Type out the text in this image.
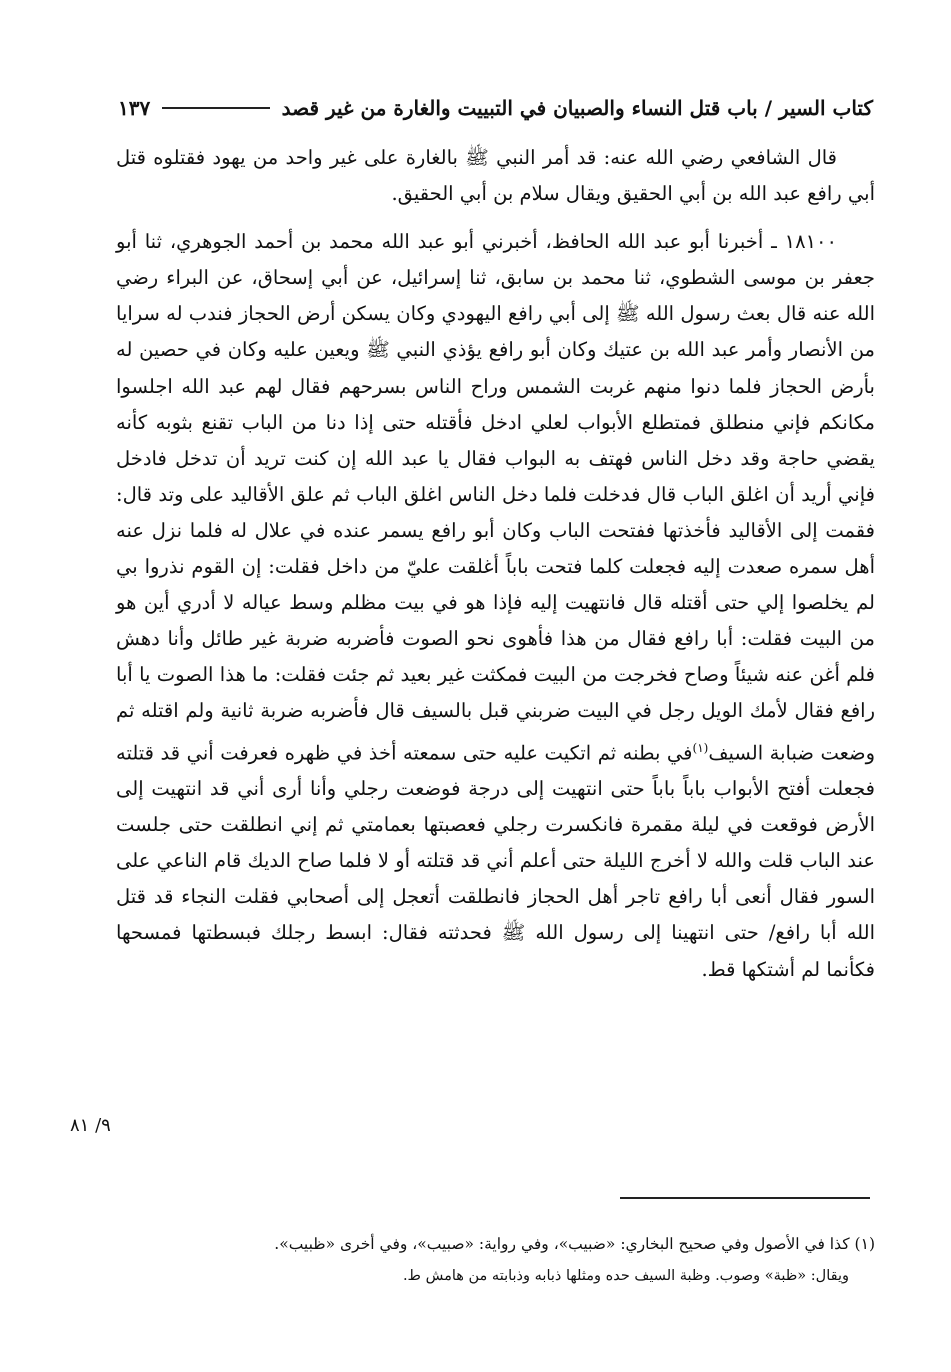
كتاب السير / باب قتل النساء والصبيان في التبييت والغارة من غير قصد
١٣٧

قال الشافعي رضي الله عنه: قد أمر النبي ﷺ بالغارة على غير واحد من يهود فقتلوه قتل أبي رافع عبد الله بن أبي الحقيق ويقال سلام بن أبي الحقيق.

١٨١٠٠ ـ أخبرنا أبو عبد الله الحافظ، أخبرني أبو عبد الله محمد بن أحمد الجوهري، ثنا أبو جعفر بن موسى الشطوي، ثنا محمد بن سابق، ثنا إسرائيل، عن أبي إسحاق، عن البراء رضي الله عنه قال بعث رسول الله ﷺ إلى أبي رافع اليهودي وكان يسكن أرض الحجاز فندب له سرايا من الأنصار وأمر عبد الله بن عتيك وكان أبو رافع يؤذي النبي ﷺ ويعين عليه وكان في حصين له بأرض الحجاز فلما دنوا منهم غربت الشمس وراح الناس بسرحهم فقال لهم عبد الله اجلسوا مكانكم فإني منطلق فمتطلع الأبواب لعلي ادخل فأقتله حتى إذا دنا من الباب تقنع بثوبه كأنه يقضي حاجة وقد دخل الناس فهتف به البواب فقال يا عبد الله إن كنت تريد أن تدخل فادخل فإني أريد أن اغلق الباب قال فدخلت فلما دخل الناس اغلق الباب ثم علق الأقاليد على وتد قال: فقمت إلى الأقاليد فأخذتها ففتحت الباب وكان أبو رافع يسمر عنده في علال له فلما نزل عنه أهل سمره صعدت إليه فجعلت كلما فتحت باباً أغلقت عليّ من داخل فقلت: إن القوم نذروا بي لم يخلصوا إلي حتى أقتله قال فانتهيت إليه فإذا هو في بيت مظلم وسط عياله لا أدري أين هو من البيت فقلت: أبا رافع فقال من هذا فأهوى نحو الصوت فأضربه ضربة غير طائل وأنا دهش فلم أغن عنه شيئاً وصاح فخرجت من البيت فمكثت غير بعيد ثم جئت فقلت: ما هذا الصوت يا أبا رافع فقال لأمك الويل رجل في البيت ضربني قبل بالسيف قال فأضربه ضربة ثانية ولم اقتله ثم وضعت ضبابة السيف$^{(١)}$في بطنه ثم اتكيت عليه حتى سمعته أخذ في ظهره فعرفت أني قد قتلته فجعلت أفتح الأبواب باباً باباً حتى انتهيت إلى درجة فوضعت رجلي وأنا أرى أني قد انتهيت إلى الأرض فوقعت في ليلة مقمرة فانكسرت رجلي فعصبتها بعمامتي ثم إني انطلقت حتى جلست عند الباب قلت والله لا أخرج الليلة حتى أعلم أني قد قتلته أو لا فلما صاح الديك قام الناعي على السور فقال أنعى أبا رافع تاجر أهل الحجاز فانطلقت أتعجل إلى أصحابي فقلت النجاء قد قتل الله أبا رافع/ حتى انتهينا إلى رسول الله ﷺ فحدثته فقال: ابسط رجلك فبسطتها فمسحها فكأنما لم أشتكها قط.

٩/ ٨١

(١) كذا في الأصول وفي صحيح البخاري: «ضبيب»، وفي رواية: «صبيب»، وفي أخرى «ظبيب».

ويقال: «ظبة» وصوب. وظبة السيف حده ومثلها ذبابه وذبابته من هامش ط.
